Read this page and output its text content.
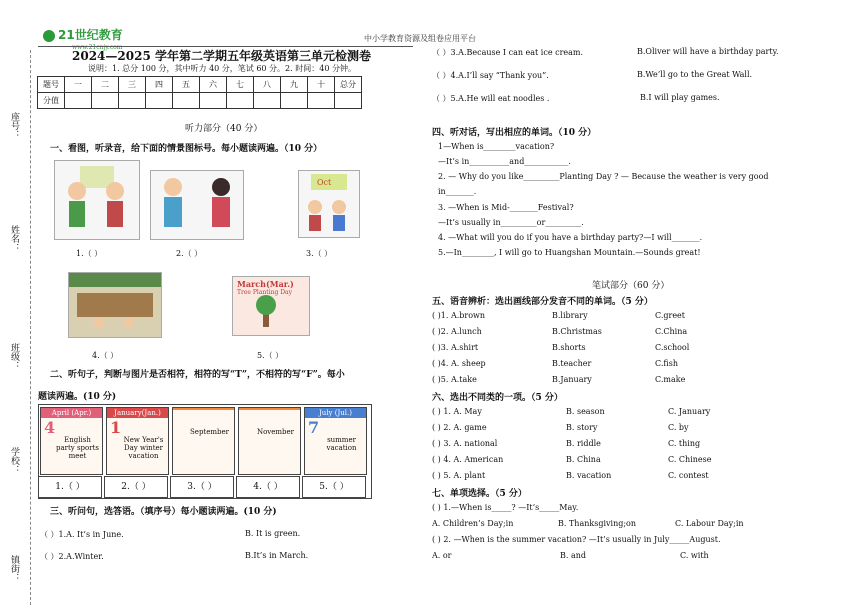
座号：
姓名：
班级：
学校：
镇街：
21世纪教育
www.21cnjy.com
中小学教育资源及组卷应用平台
2024—2025 学年第二学期五年级英语第三单元检测卷
说明：1. 总分 100 分，其中听力 40 分，笔试 60 分。2. 时间：40 分钟。
题号	一	二	三	四	五	六	七	八	九	十	总分
分值											
听力部分（40 分）
一、看图，听录音，给下面的情景图标号。每小题读两遍。（10 分）
Oct
1.（ ）	2.（ ）	3.（ ）
March(Mar.)
Tree Planting Day
4.（ ）	5.（ ）
二、听句子，判断与图片是否相符，相符的写“T”，不相符的写“F”。每小
题读两遍。(10 分)
April (Apr.)
4
English party sports meet
1.（ ）
January(Jan.)
1
New Year's Day winter vacation
2.（ ）
September
3.（ ）
November
4.（ ）
July (Jul.)
7
summer vacation
5.（ ）
三、听问句，选答语。（填序号）每小题读两遍。(10 分)
（ ）1.A. It’s in June.	B. It is green.
（ ）2.A.Winter.	B.It’s in March.
（ ）3.A.Because I can eat ice cream.	B.Oliver will have a birthday party.
（ ）4.A.I’ll say “Thank you”.	B.We’ll go to the Great Wall.
（ ）5.A.He will eat noodles .	B.I will play games.
四、听对话，写出相应的单词。（10 分）
1—When is________vacation?
—It’s in__________and___________.
2. — Why do you like_________Planting Day ? — Because the weather is very good
in_______.
3. —When is Mid-_______Festival?
—It’s usually in_________or_________.
4. —What will you do if you have a birthday party?—I will_______.
5.—In________, I will go to Huangshan Mountain.—Sounds great!
笔试部分（60 分）
五、语音辨析：选出画线部分发音不同的单词。（5 分）
( )1. A.brown	B.library	C.greet
( )2. A.lunch	B.Christmas	C.China
( )3. A.shirt	B.shorts	C.school
( )4. A. sheep	B.teacher	C.fish
( )5. A.take	B.January	C.make
六、选出不同类的一项。（5 分）
( ) 1. A. May	B. season	C. January
( ) 2. A. game	B. story	C. by
( ) 3. A. national	B. riddle	C. thing
( ) 4. A. American	B. China	C. Chinese
( ) 5. A. plant	B. vacation	C. contest
七、单项选择。（5 分）
( ) 1.—When is_____? —It’s_____May.
A. Children’s Day;in	B. Thanksgiving;on	C. Labour Day;in
( ) 2. —When is the summer vacation? —It’s usually in July_____August.
A. or	B. and	C. with
